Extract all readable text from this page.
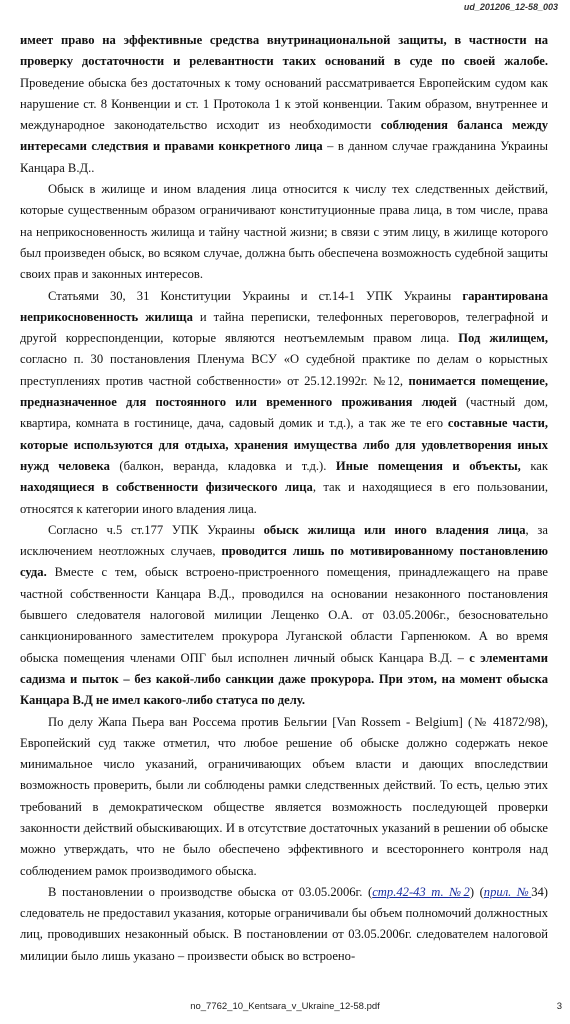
ud_201206_12-58_003

имеет право на эффективные средства внутринациональной защиты, в частности на проверку достаточности и релевантности таких оснований в суде по своей жалобе. Проведение обыска без достаточных к тому оснований рассматривается Европейским судом как нарушение ст. 8 Конвенции и ст. 1 Протокола 1 к этой конвенции. Таким образом, внутреннее и международное законодательство исходит из необходимости соблюдения баланса между интересами следствия и правами конкретного лица – в данном случае гражданина Украины Канцара В.Д..

Обыск в жилище и ином владения лица относится к числу тех следственных действий, которые существенным образом ограничивают конституционные права лица, в том числе, права на неприкосновенность жилища и тайну частной жизни; в связи с этим лицу, в жилище которого был произведен обыск, во всяком случае, должна быть обеспечена возможность судебной защиты своих прав и законных интересов.

Статьями 30, 31 Конституции Украины и ст.14-1 УПК Украины гарантирована неприкосновенность жилища и тайна переписки, телефонных переговоров, телеграфной и другой корреспонденции, которые являются неотъемлемым правом лица. Под жилищем, согласно п. 30 постановления Пленума ВСУ «О судебной практике по делам о корыстных преступлениях против частной собственности» от 25.12.1992г. №12, понимается помещение, предназначенное для постоянного или временного проживания людей (частный дом, квартира, комната в гостинице, дача, садовый домик и т.д.), а так же те его составные части, которые используются для отдыха, хранения имущества либо для удовлетворения иных нужд человека (балкон, веранда, кладовка и т.д.). Иные помещения и объекты, как находящиеся в собственности физического лица, так и находящиеся в его пользовании, относятся к категории иного владения лица.

Согласно ч.5 ст.177 УПК Украины обыск жилища или иного владения лица, за исключением неотложных случаев, проводится лишь по мотивированному постановлению суда. Вместе с тем, обыск встроено-пристроенного помещения, принадлежащего на праве частной собственности Канцара В.Д., проводился на основании незаконного постановления бывшего следователя налоговой милиции Лещенко О.А. от 03.05.2006г., безосновательно санкционированного заместителем прокурора Луганской области Гарпенюком. А во время обыска помещения членами ОПГ был исполнен личный обыск Канцара В.Д. – с элементами садизма и пыток – без какой-либо санкции даже прокурора. При этом, на момент обыска Канцара В.Д не имел какого-либо статуса по делу.

По делу Жапа Пьера ван Россема против Бельгии [Van Rossem - Belgium] (№ 41872/98), Европейский суд также отметил, что любое решение об обыске должно содержать некое минимальное число указаний, ограничивающих объем власти и дающих впоследствии возможность проверить, были ли соблюдены рамки следственных действий. То есть, целью этих требований в демократическом обществе является возможность последующей проверки законности действий обыскивающих. И в отсутствие достаточных указаний в решении об обыске можно утверждать, что не было обеспечено эффективного и всестороннего контроля над соблюдением рамок производимого обыска.

В постановлении о производстве обыска от 03.05.2006г. (стр.42-43 т. №2) (прил. №34) следователь не предоставил указания, которые ограничивали бы объем полномочий должностных лиц, проводивших незаконный обыск. В постановлении от 03.05.2006г. следователем налоговой милиции было лишь указано – произвести обыск во встроено-

no_7762_10_Kentsara_v_Ukraine_12-58.pdf	3
